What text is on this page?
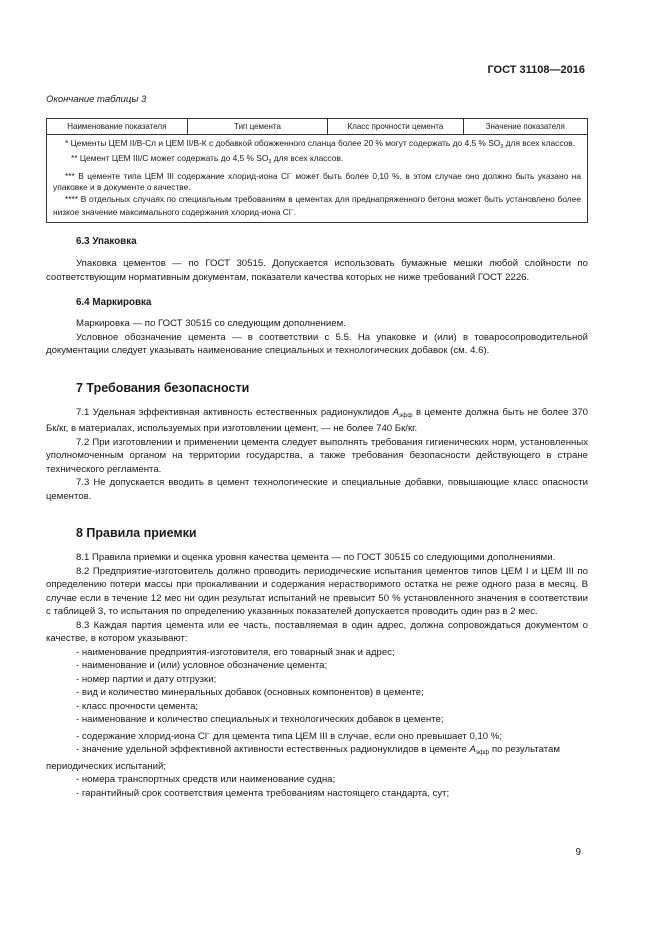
ГОСТ 31108—2016
Окончание таблицы 3
Наименование показателя	Тип цемента	Класс прочности цемента	Значение показателя

* Цементы ЦЕМ II/В-Сл и ЦЕМ II/В-К с добавкой обожженного сланца более 20 % могут содержать до 4,5 % $SO_3$ для всех классов.

** Цемент ЦЕМ III/С может содержать до 4,5 % $SO_3$ для всех классов.

*** В цементе типа ЦЕМ III содержание хлорид-иона Cl– может быть более 0,10 %, в этом случае оно должно быть указано на упаковке и в документе о качестве.

**** В отдельных случаях по специальным требованиям в цементах для преднапряженного бетона может быть установлено более низкое значение максимального содержания хлорид-иона Cl–.

6.3 Упаковка

Упаковка цементов — по ГОСТ 30515. Допускается использовать бумажные мешки любой слойности по соответствующим нормативным документам, показатели качества которых не ниже требований ГОСТ 2226.

6.4 Маркировка

Маркировка — по ГОСТ 30515 со следующим дополнением.

Условное обозначение цемента — в соответствии с 5.5. На упаковке и (или) в товаросопроводительной документации следует указывать наименование специальных и технологических добавок (см. 4.6).

7 Требования безопасности

7.1 Удельная эффективная активность естественных радионуклидов $A_{эфф}$ в цементе должна быть не более 370 Бк/кг, в материалах, используемых при изготовлении цемент, — не более 740 Бк/кг.

7.2 При изготовлении и применении цемента следует выполнять требования гигиенических норм, установленных уполномоченным органом на территории государства, а также требования безопасности действующего в стране технического регламента.

7.3 Не допускается вводить в цемент технологические и специальные добавки, повышающие класс опасности цементов.

8 Правила приемки

8.1 Правила приемки и оценка уровня качества цемента — по ГОСТ 30515 со следующими дополнениями.

8.2 Предприятие-изготовитель должно проводить периодические испытания цементов типов ЦЕМ I и ЦЕМ III по определению потери массы при прокаливании и содержания нерастворимого остатка не реже одного раза в месяц. В случае если в течение 12 мес ни один результат испытаний не превысит 50 % установленного значения в соответствии с таблицей 3, то испытания по определению указанных показателей допускается проводить один раз в 2 мес.

8.3 Каждая партия цемента или ее часть, поставляемая в один адрес, должна сопровождаться документом о качестве, в котором указывают:

- наименование предприятия-изготовителя, его товарный знак и адрес;
- наименование и (или) условное обозначение цемента;
- номер партии и дату отгрузки;
- вид и количество минеральных добавок (основных компонентов) в цементе;
- класс прочности цемента;
- наименование и количество специальных и технологических добавок в цементе;
- содержание хлорид-иона Cl– для цемента типа ЦЕМ III в случае, если оно превышает 0,10 %;
- значение удельной эффективной активности естественных радионуклидов в цементе $A_{эфф}$ по результатам периодических испытаний;
- номера транспортных средств или наименование судна;
- гарантийный срок соответствия цемента требованиям настоящего стандарта, сут;
9
